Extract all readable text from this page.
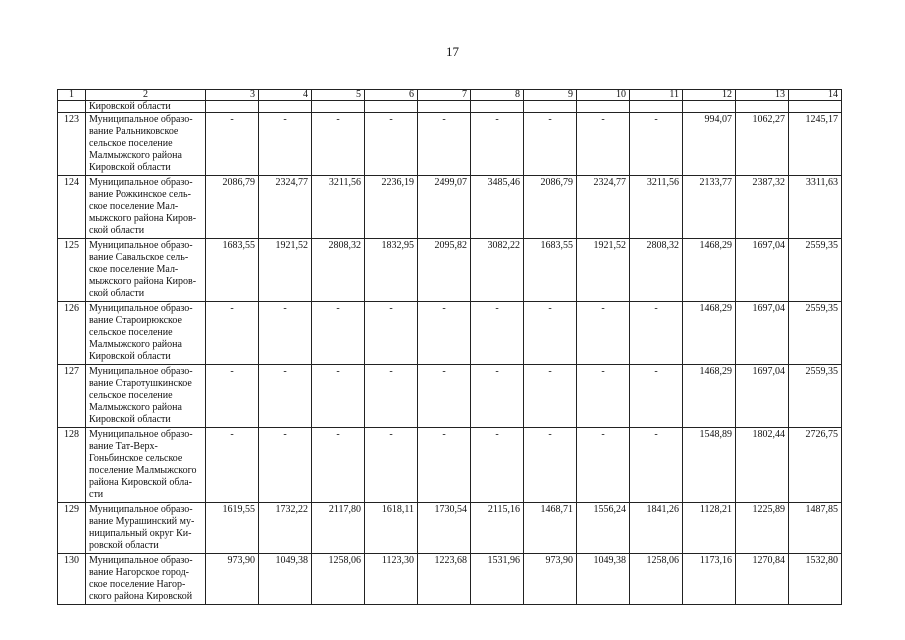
17
1	2	3	4	5	6	7	8	9	10	11	12	13	14
	Кировской области												
123	Муниципальное образо-вание Ральниковское сельское поселение Малмыжского района Кировской области	-	-	-	-	-	-	-	-	-	994,07	1062,27	1245,17
124	Муниципальное образо-вание Рожкинское сель-ское поселение Мал-мыжского района Киров-ской области	2086,79	2324,77	3211,56	2236,19	2499,07	3485,46	2086,79	2324,77	3211,56	2133,77	2387,32	3311,63
125	Муниципальное образо-вание Савальское сель-ское поселение Мал-мыжского района Киров-ской области	1683,55	1921,52	2808,32	1832,95	2095,82	3082,22	1683,55	1921,52	2808,32	1468,29	1697,04	2559,35
126	Муниципальное образо-вание Староирюкское сельское поселение Малмыжского района Кировской области	-	-	-	-	-	-	-	-	-	1468,29	1697,04	2559,35
127	Муниципальное образо-вание Старотушкинское сельское поселение Малмыжского района Кировской области	-	-	-	-	-	-	-	-	-	1468,29	1697,04	2559,35
128	Муниципальное образо-вание Тат-Верх-Гоньбинское сельское поселение Малмыжского района Кировской обла-сти	-	-	-	-	-	-	-	-	-	1548,89	1802,44	2726,75
129	Муниципальное образо-вание Мурашинский му-ниципальный округ Ки-ровской области	1619,55	1732,22	2117,80	1618,11	1730,54	2115,16	1468,71	1556,24	1841,26	1128,21	1225,89	1487,85
130	Муниципальное образо-вание Нагорское город-ское поселение Нагор-ского района Кировской	973,90	1049,38	1258,06	1123,30	1223,68	1531,96	973,90	1049,38	1258,06	1173,16	1270,84	1532,80
